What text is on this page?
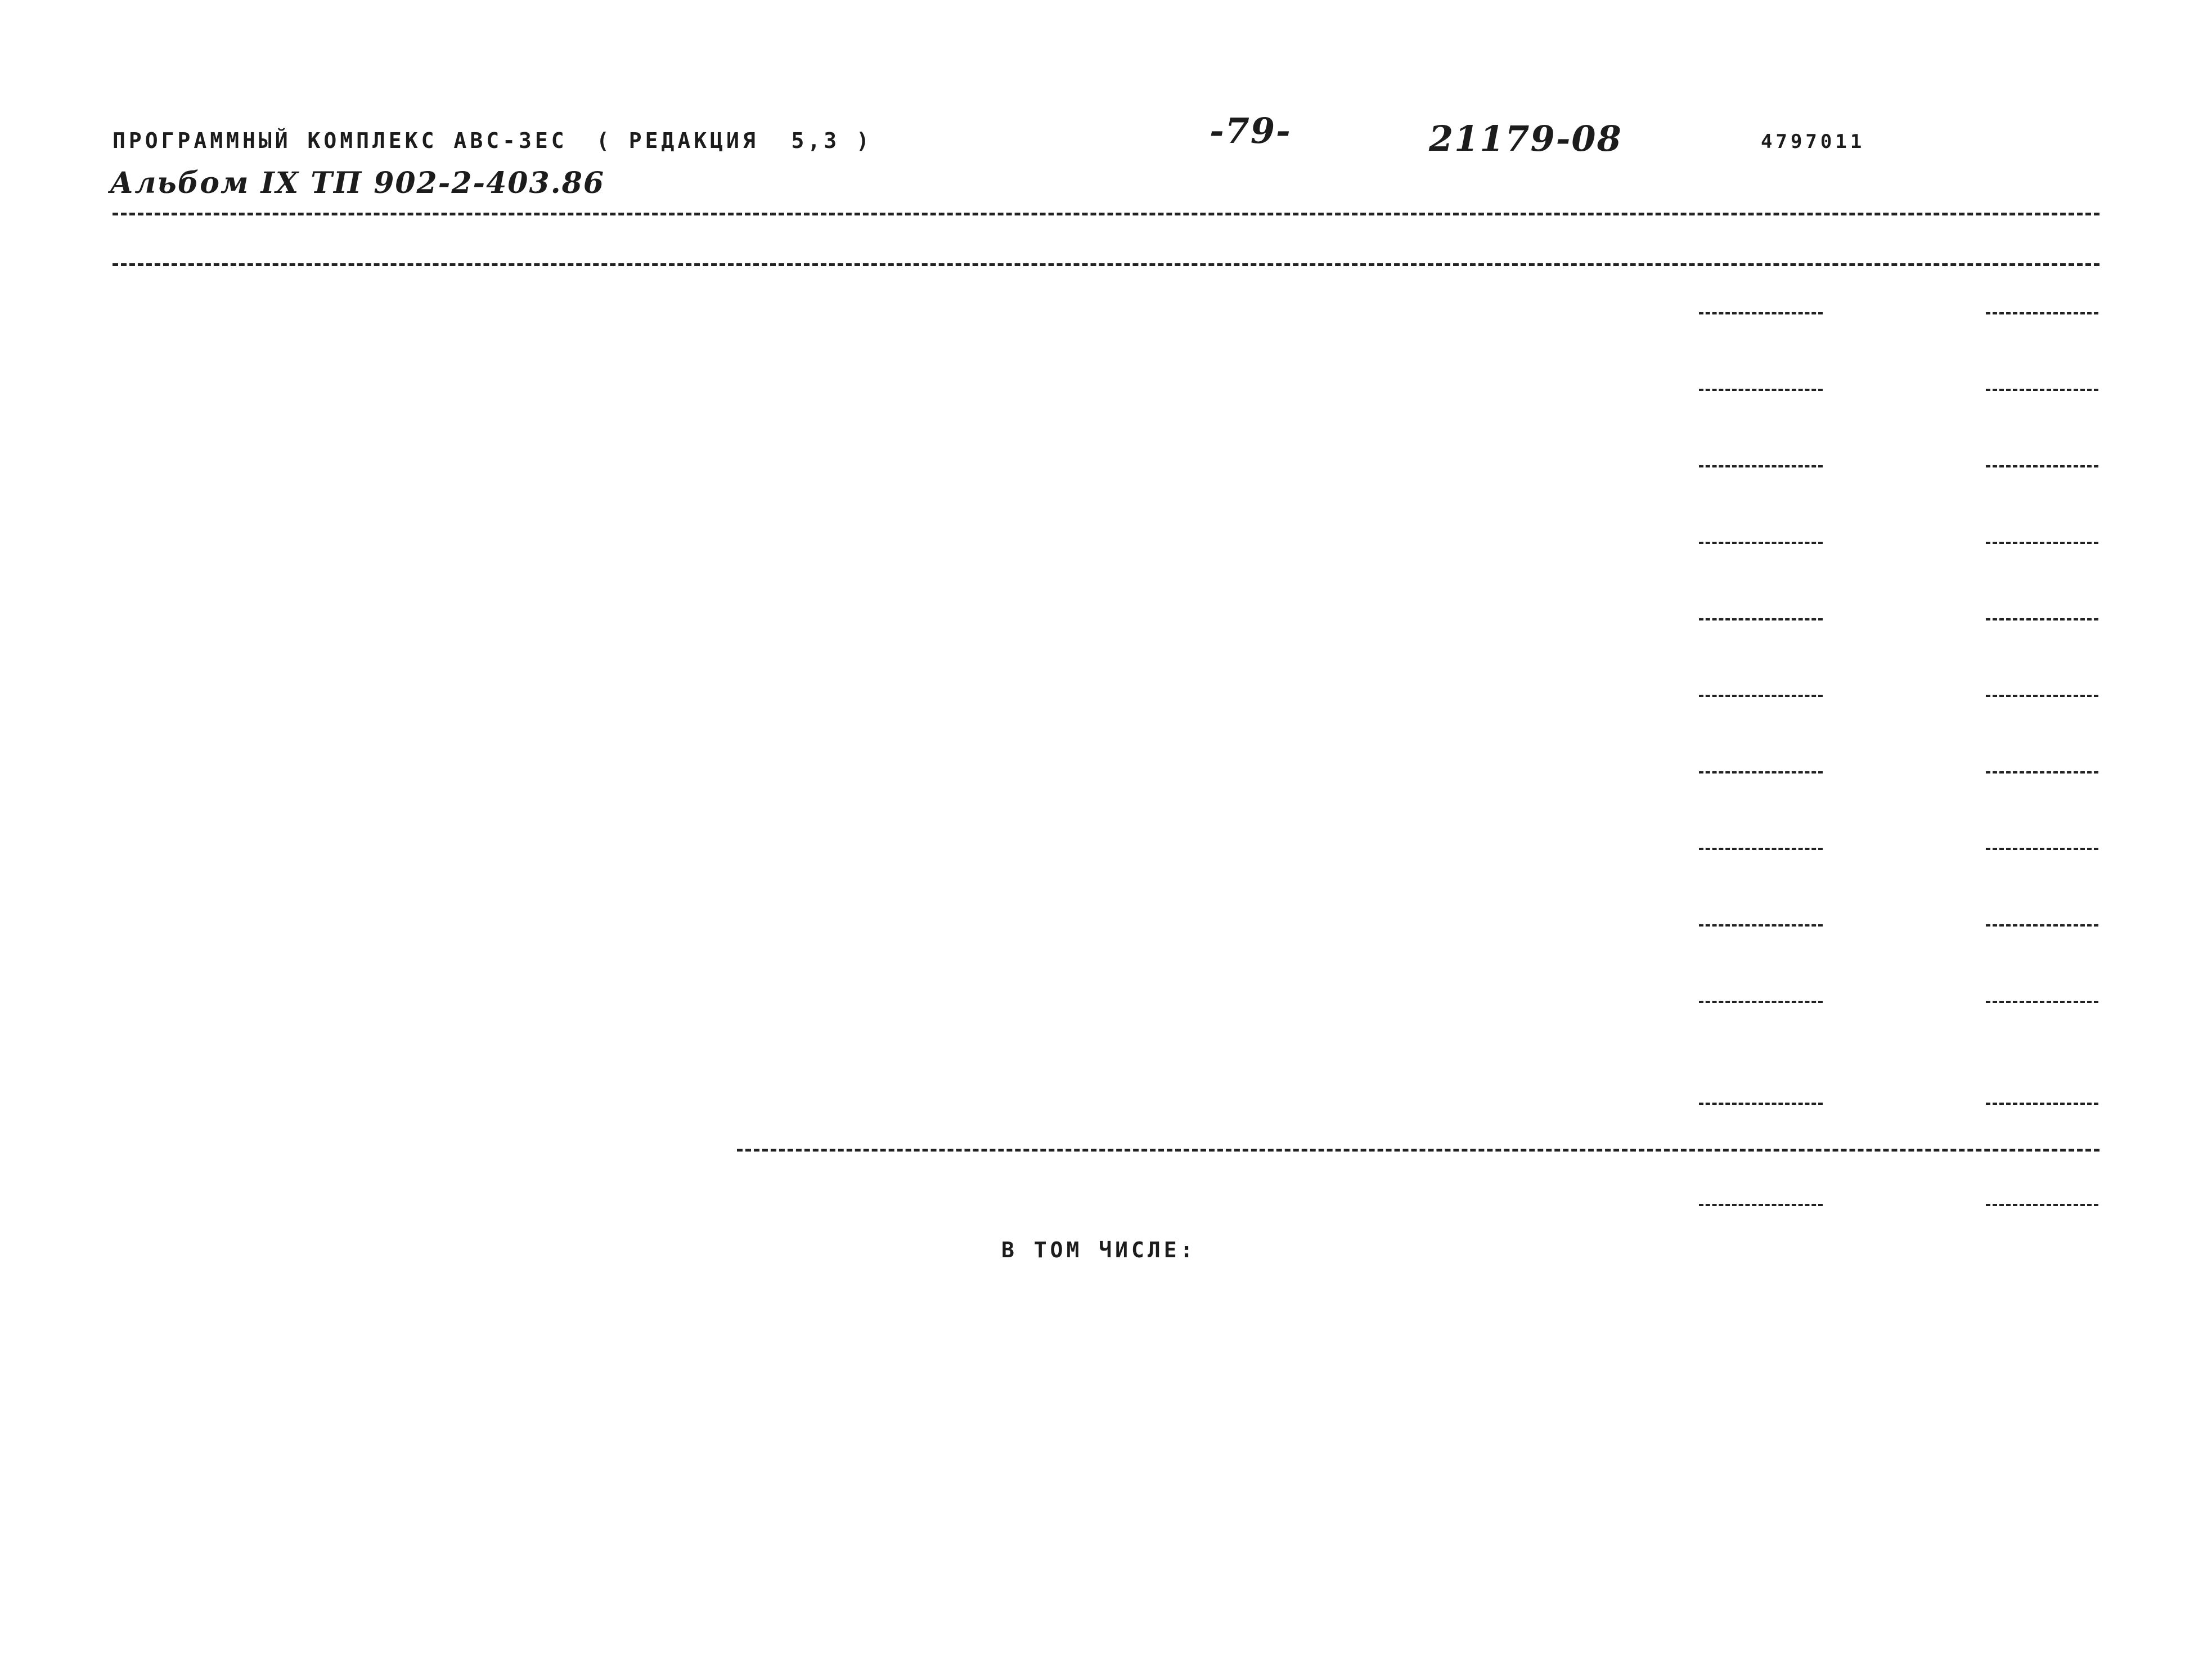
ПРОГРАММНЫЙ КОМПЛЕКС АВС-3ЕС ( РЕДАКЦИЯ  5,3 )	-79-	21179-08	4797011
Альбом IX ТП 902-2-403.86
В ТОМ ЧИСЛЕ:
